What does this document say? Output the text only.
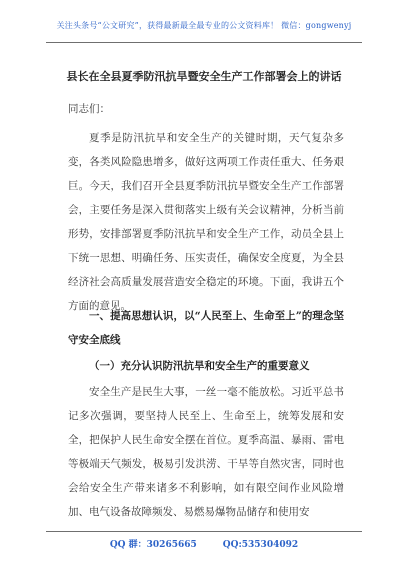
关注头条号“公文研究”，获得最新最全最专业的公文资料库！ 微信：gongwenyj
县长在全县夏季防汛抗旱暨安全生产工作部署会上的讲话
同志们：

夏季是防汛抗旱和安全生产的关键时期，天气复杂多变，各类风险隐患增多，做好这两项工作责任重大、任务艰巨。今天，我们召开全县夏季防汛抗旱暨安全生产工作部署会，主要任务是深入贯彻落实上级有关会议精神，分析当前形势，安排部署夏季防汛抗旱和安全生产工作，动员全县上下统一思想、明确任务、压实责任，确保安全度夏，为全县经济社会高质量发展营造安全稳定的环境。下面，我讲五个方面的意见。

一、提高思想认识，以“人民至上、生命至上”的理念坚守安全底线

（一）充分认识防汛抗旱和安全生产的重要意义

安全生产是民生大事，一丝一毫不能放松。习近平总书记多次强调，要坚持人民至上、生命至上，统筹发展和安全，把保护人民生命安全摆在首位。夏季高温、暴雨、雷电等极端天气频发，极易引发洪涝、干旱等自然灾害，同时也会给安全生产带来诸多不利影响，如有限空间作业风险增加、电气设备故障频发、易燃易爆物品储存和使用安

QQ 群：30265665	QQ:535304092
